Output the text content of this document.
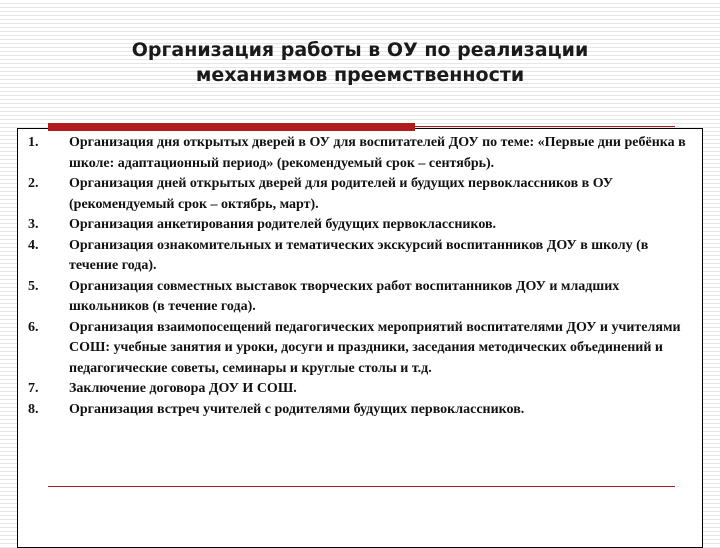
Организация работы в ОУ по реализации
механизмов преемственности
1. Организация дня открытых дверей в ОУ для воспитателей ДОУ по теме: «Первые дни ребёнка в школе: адаптационный период» (рекомендуемый срок – сентябрь).
2. Организация дней открытых дверей для родителей и будущих первоклассников в ОУ (рекомендуемый срок – октябрь, март).
3. Организация анкетирования родителей будущих первоклассников.
4. Организация ознакомительных и тематических экскурсий воспитанников ДОУ в школу (в течение года).
5. Организация совместных выставок творческих работ воспитанников ДОУ и младших школьников (в течение года).
6. Организация взаимопосещений педагогических мероприятий воспитателями ДОУ и учителями СОШ: учебные занятия и уроки, досуги и праздники, заседания методических объединений и педагогические советы, семинары и круглые столы и т.д.
7. Заключение договора ДОУ И СОШ.
8. Организация встреч учителей с родителями будущих первоклассников.
